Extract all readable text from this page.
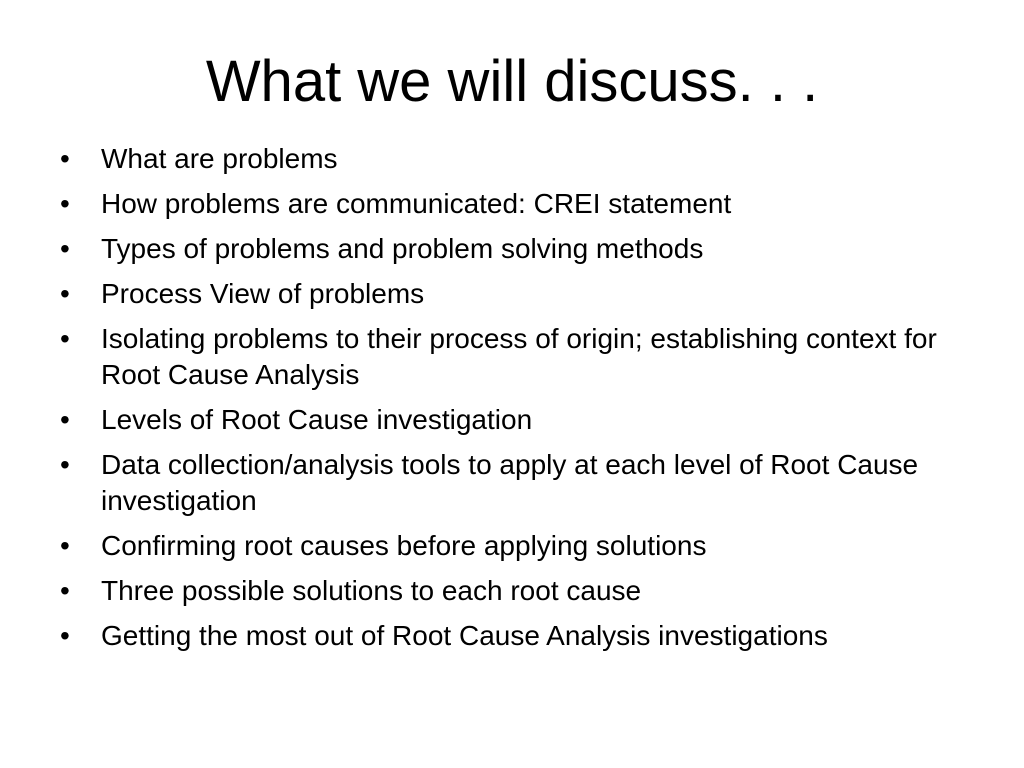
What we will discuss. . .
•	What are problems
•	How problems are communicated: CREI statement
•	Types of problems and problem solving methods
•	Process View of problems
•	Isolating problems to their process of origin; establishing context for Root Cause Analysis
•	Levels of Root Cause investigation
•	Data collection/analysis tools to apply at each level of Root Cause investigation
•	Confirming root causes before applying solutions
•	Three possible solutions to each root cause
•	Getting the most out of Root Cause Analysis investigations
